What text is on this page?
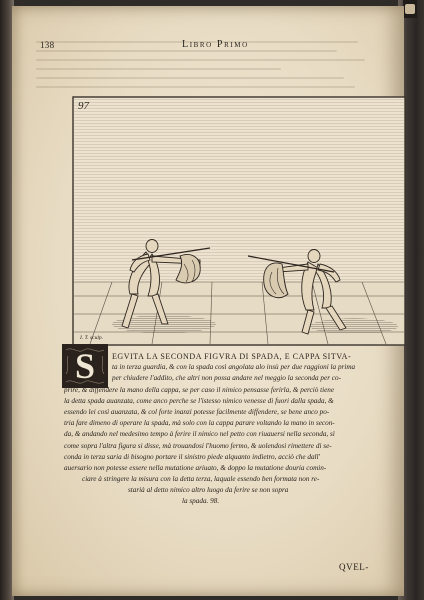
138	Libro Primo
97
I. T. sculp.
S	EGVITA LA SECONDA FIGVRA DI SPADA, E CAPPA SITVA-
ta in terza guardia, & con la spada così angolata alo insù per due raggioni la prima
per chiudere l'addito, che altri non possa andare nel meggio la seconda per co-
prire, & diffendere la mano della cappa, se per caso il nimico pensasse ferirla, & perciò tiene
la detta spada auanzata, come anco perche se l'istesso nimico venesse di fuori dalla spada, &
essendo lei così auanzata, & col forte inanzi potesse facilmente diffendere, se bene anco po-
tria fare dimeno di operare la spada, mà solo con la cappa parare voltando la mano in secon-
da, & andando nel medesimo tempo à ferire il nimico nel petto con riuauersi nella seconda, sì
come sopra l'altra figura si disse, mà trouandosi l'huomo fermo, & uolendosi rimettere di se-
conda in terza saria di bisogno portare il sinistro piede alquanto indietro, acciò che dall'
auersario non potesse essere nella mutatione ariuato, & doppo la mutatione douria comin-
ciare à stringere la misura con la detta terza, laquale essendo ben formata non re-
starià al detto nimico altro luogo da ferire se non sopra
la spada. 98.
QVEL-
